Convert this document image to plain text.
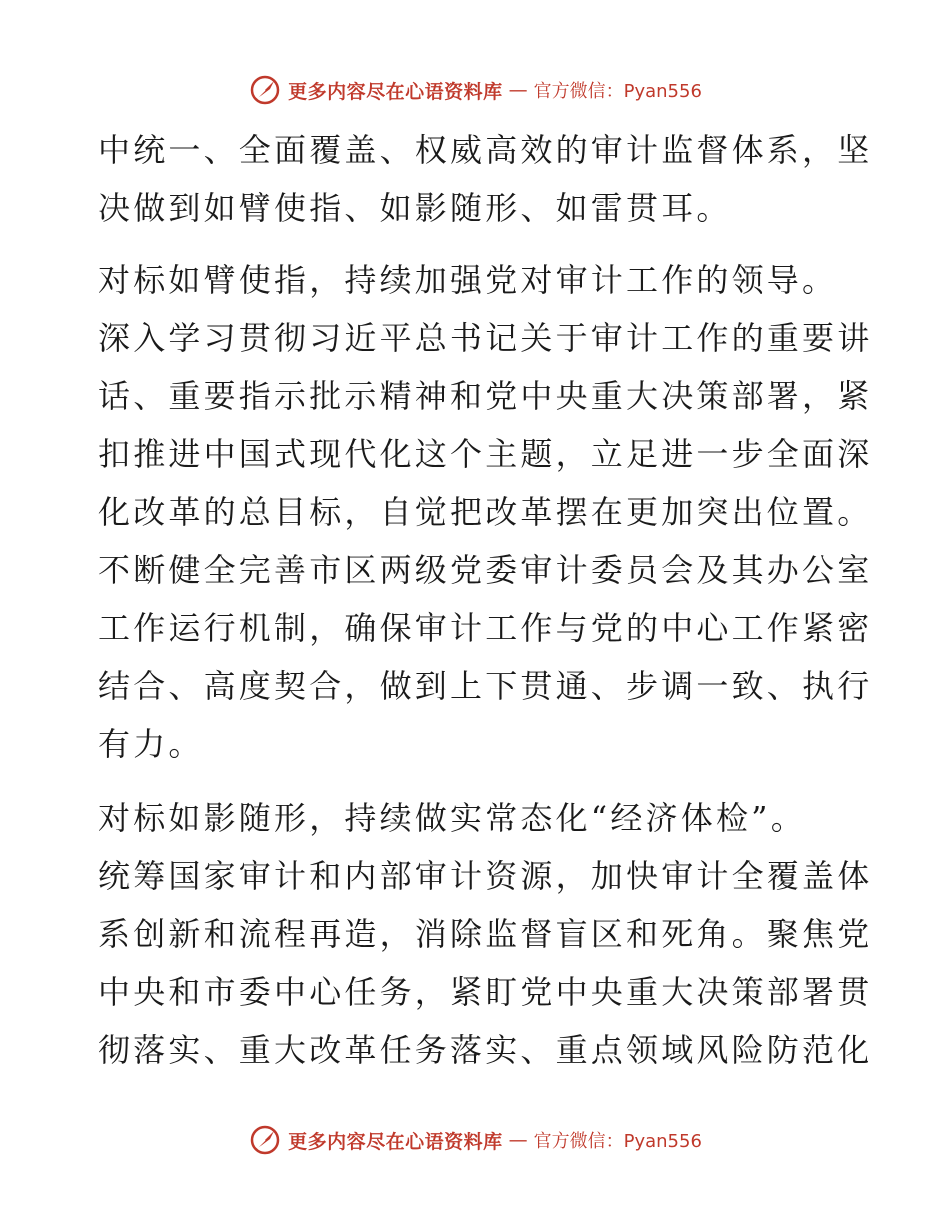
更多内容尽在心语资料库 — 官方微信：Pyan556
中统一、全面覆盖、权威高效的审计监督体系，坚
决做到如臂使指、如影随形、如雷贯耳。
对标如臂使指，持续加强党对审计工作的领导。
深入学习贯彻习近平总书记关于审计工作的重要讲
话、重要指示批示精神和党中央重大决策部署，紧
扣推进中国式现代化这个主题，立足进一步全面深
化改革的总目标，自觉把改革摆在更加突出位置。
不断健全完善市区两级党委审计委员会及其办公室
工作运行机制，确保审计工作与党的中心工作紧密
结合、高度契合，做到上下贯通、步调一致、执行
有力。
对标如影随形，持续做实常态化“经济体检”。
统筹国家审计和内部审计资源，加快审计全覆盖体
系创新和流程再造，消除监督盲区和死角。聚焦党
中央和市委中心任务，紧盯党中央重大决策部署贯
彻落实、重大改革任务落实、重点领域风险防范化
更多内容尽在心语资料库 — 官方微信：Pyan556
